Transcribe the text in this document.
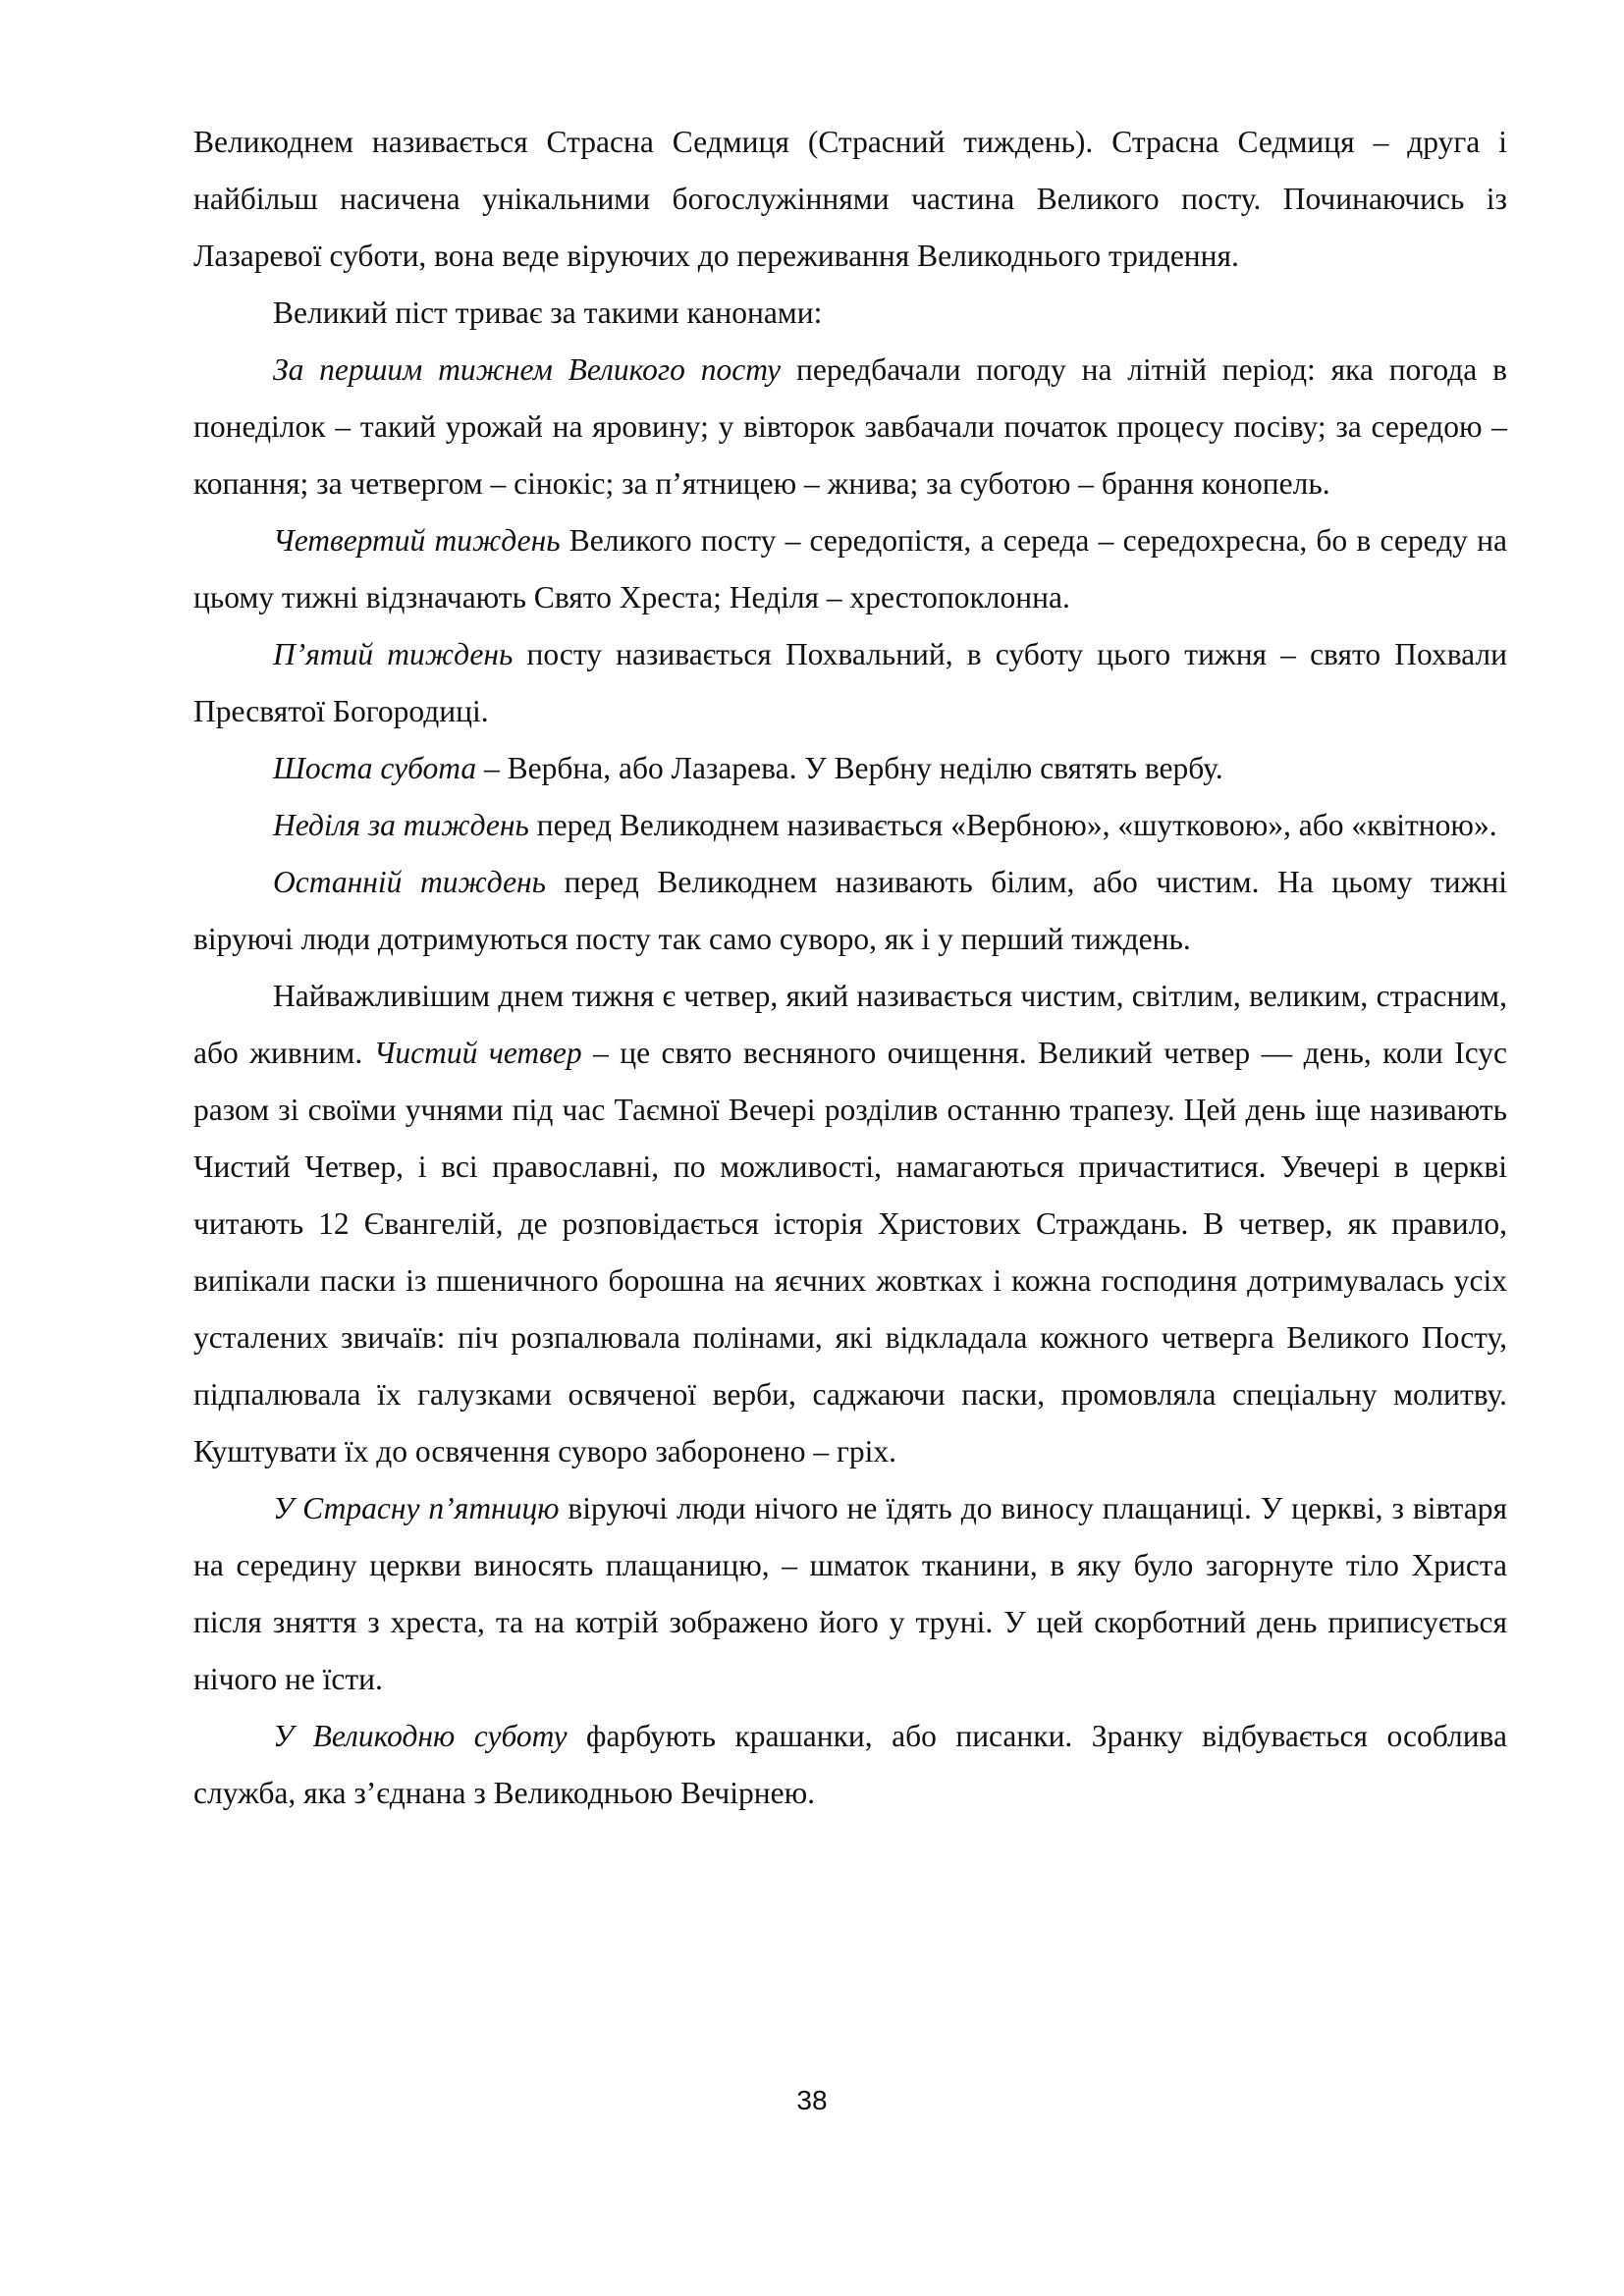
Великоднем називається Страсна Седмиця (Страсний тиждень). Страсна Седмиця – друга і найбільш насичена унікальними богослужіннями частина Великого посту. Починаючись із Лазаревої суботи, вона веде віруючих до переживання Великоднього тридення.

Великий піст триває за такими канонами:

За першим тижнем Великого посту передбачали погоду на літній період: яка погода в понеділок – такий урожай на яровину; у вівторок завбачали початок процесу посіву; за середою – копання; за четвергом – сінокіс; за п’ятницею – жнива; за суботою – брання конопель.

Четвертий тиждень Великого посту – середопістя, а середа – середохресна, бо в середу на цьому тижні відзначають Свято Хреста; Неділя – хрестопоклонна.

П’ятий тиждень посту називається Похвальний, в суботу цього тижня – свято Похвали Пресвятої Богородиці.

Шоста субота – Вербна, або Лазарева. У Вербну неділю святять вербу.

Неділя за тиждень перед Великоднем називається «Вербною», «шутковою», або «квітною».

Останній тиждень перед Великоднем називають білим, або чистим. На цьому тижні віруючі люди дотримуються посту так само суворо, як і у перший тиждень.

Найважливішим днем тижня є четвер, який називається чистим, світлим, великим, страсним, або живним. Чистий четвер – це свято весняного очищення. Великий четвер — день, коли Ісус разом зі своїми учнями під час Таємної Вечері розділив останню трапезу. Цей день іще називають Чистий Четвер, і всі православні, по можливості, намагаються причаститися. Увечері в церкві читають 12 Євангелій, де розповідається історія Христових Страждань. В четвер, як правило, випікали паски із пшеничного борошна на яєчних жовтках і кожна господиня дотримувалась усіх усталених звичаїв: піч розпалювала полінами, які відкладала кожного четверга Великого Посту, підпалювала їх галузками освяченої верби, саджаючи паски, промовляла спеціальну молитву. Куштувати їх до освячення суворо заборонено – гріх.

У Страсну п’ятницю віруючі люди нічого не їдять до виносу плащаниці. У церкві, з вівтаря на середину церкви виносять плащаницю, – шматок тканини, в яку було загорнуте тіло Христа після зняття з хреста, та на котрій зображено його у труні. У цей скорботний день приписується нічого не їсти.

У Великодню суботу фарбують крашанки, або писанки. Зранку відбувається особлива служба, яка з’єднана з Великодньою Вечірнею.

38
